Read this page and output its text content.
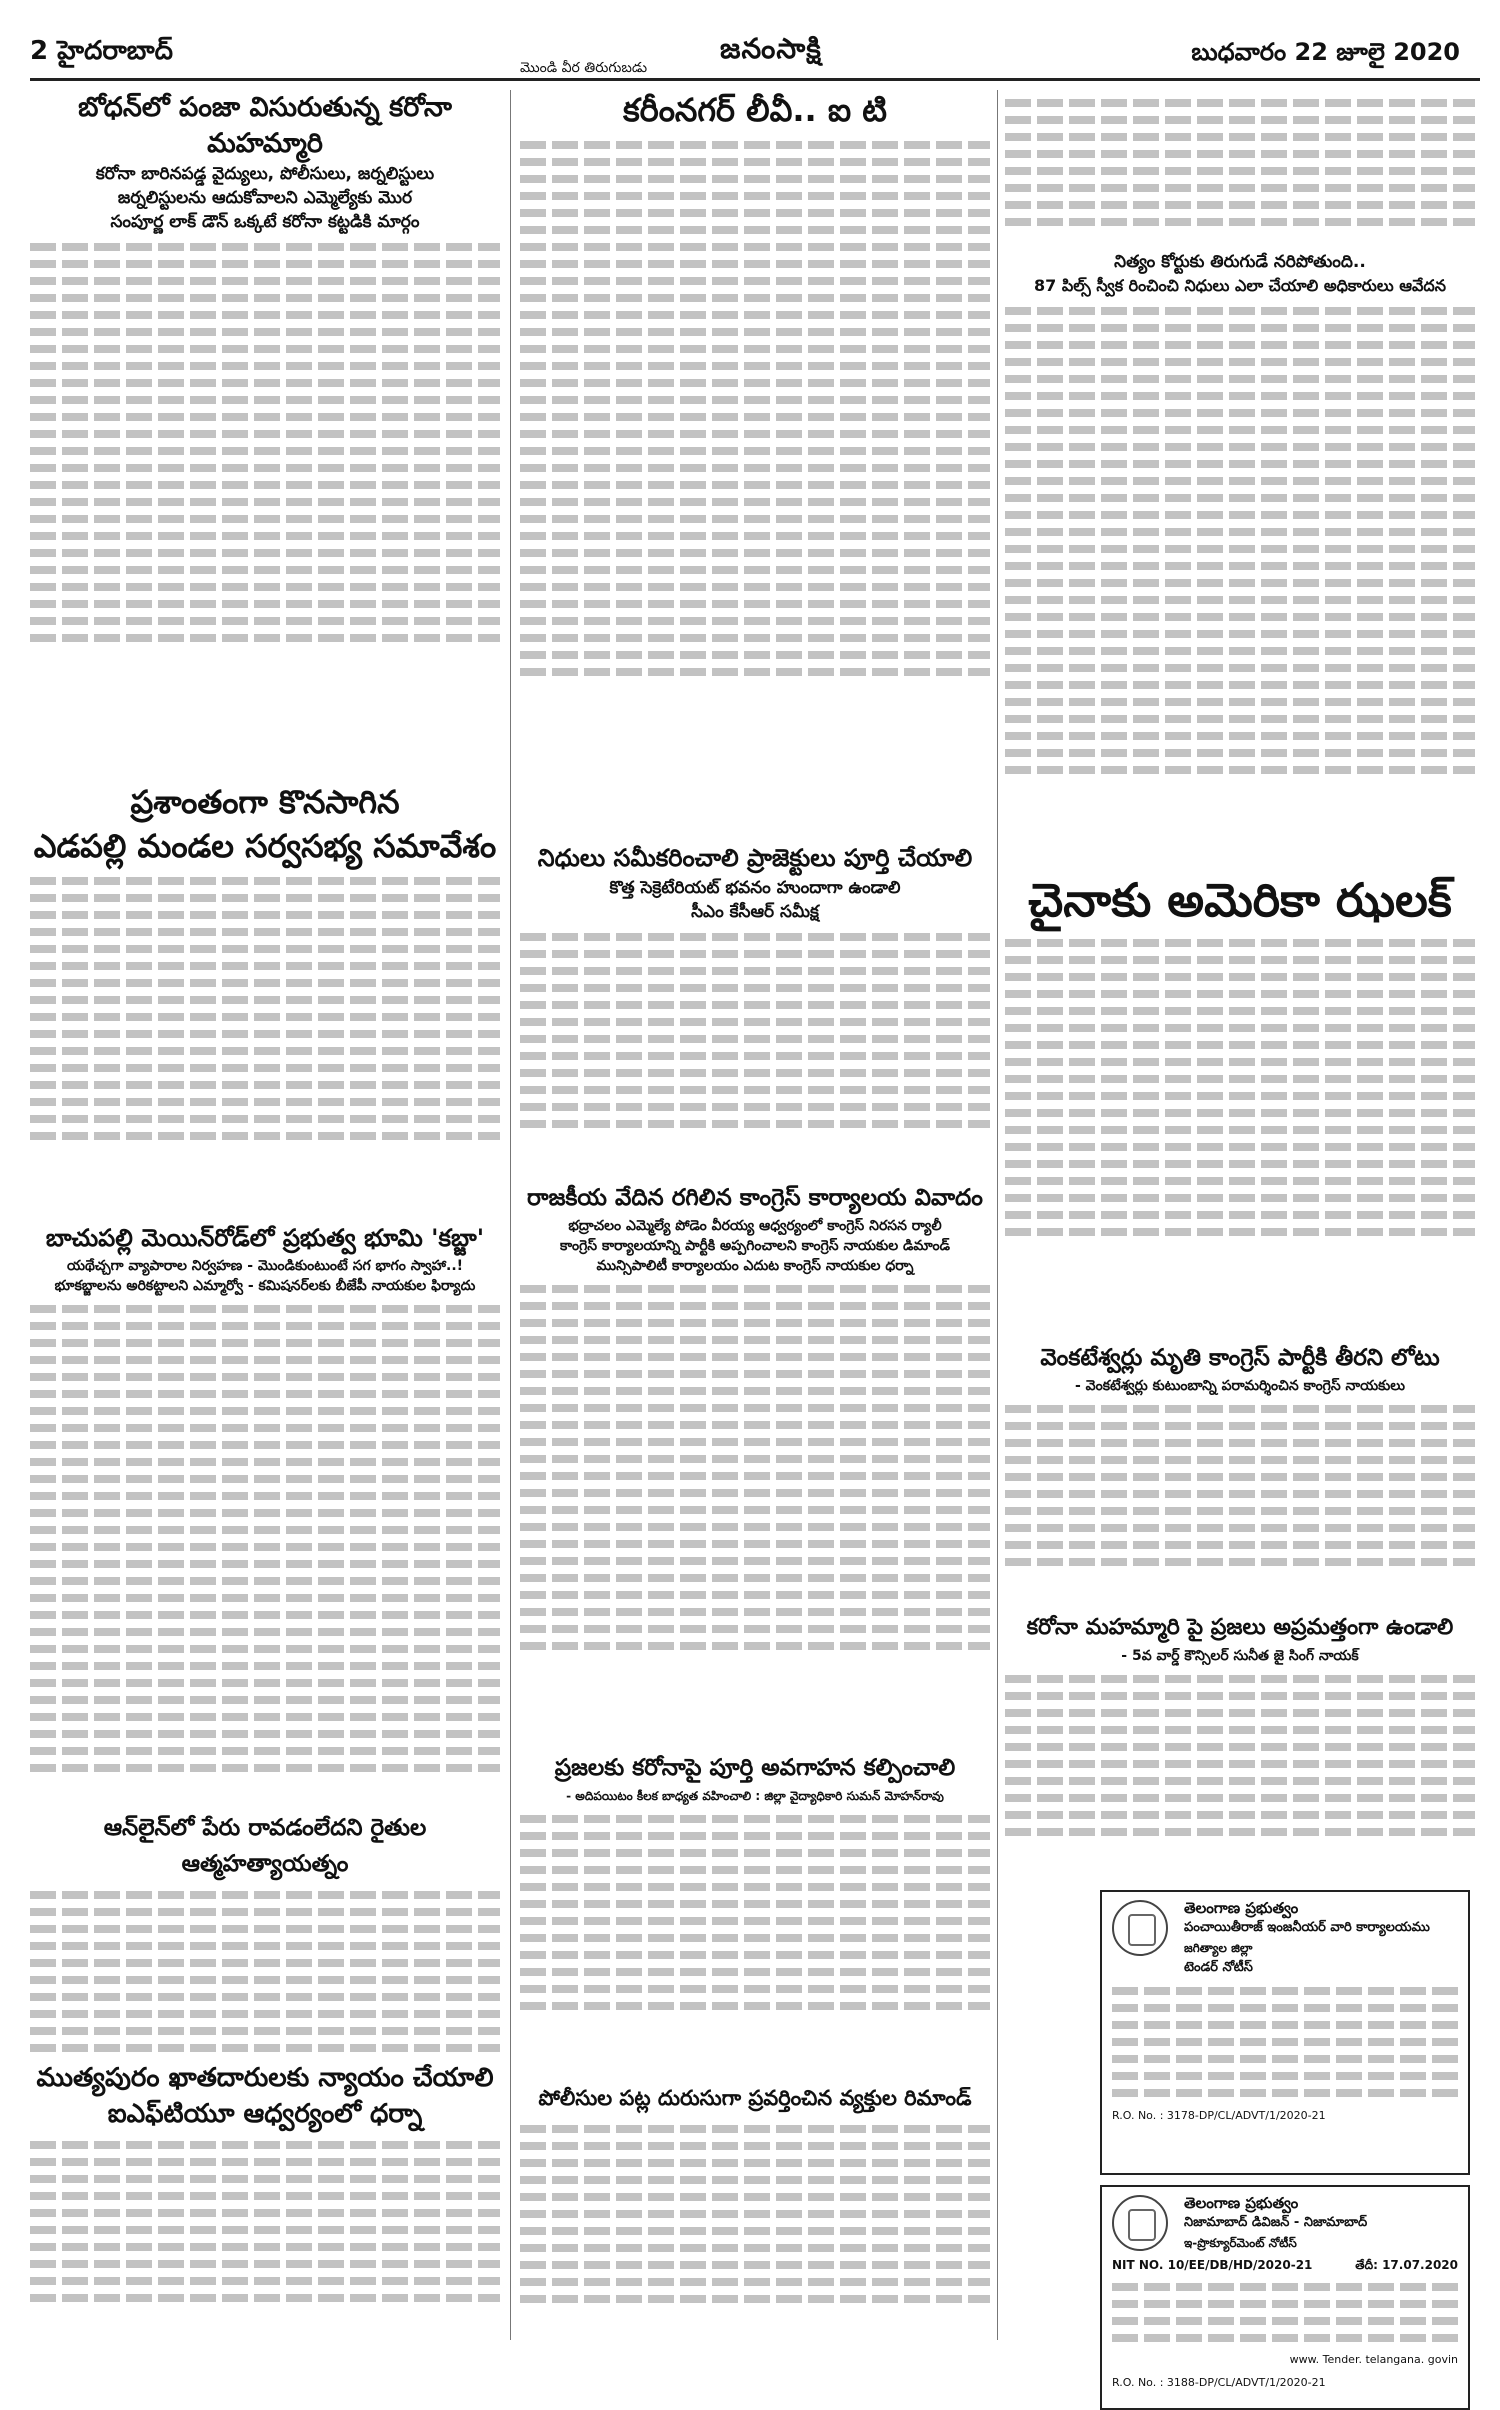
2 హైదరాబాద్	జనంసాక్షి	బుధవారం 22 జూలై 2020
మొండి వీర తిరుగుబడు
బోధన్‌లో పంజా విసురుతున్న కరోనా మహమ్మారి
కరోనా బారినపడ్డ వైద్యులు, పోలీసులు, జర్నలిస్టులు
జర్నలిస్టులను ఆదుకోవాలని ఎమ్మెల్యేకు మొర
సంపూర్ణ లాక్ డౌన్ ఒక్కటే కరోనా కట్టడికి మార్గం
ప్రశాంతంగా కొనసాగిన
ఎడపల్లి మండల సర్వసభ్య సమావేశం
బాచుపల్లి మెయిన్‌రోడ్‌లో ప్రభుత్వ భూమి 'కబ్జా'
యథేచ్చగా వ్యాపారాల నిర్వహణ - మొండికుంటుంటే సగ భాగం స్వాహా..!
భూకబ్జాలను అరికట్టాలని ఎమ్మార్వో - కమిషనర్‌లకు బీజేపీ నాయకుల ఫిర్యాదు
ఆన్‌లైన్‌లో పేరు రావడంలేదని రైతుల ఆత్మహత్యాయత్నం
ముత్యపురం ఖాతదారులకు న్యాయం చేయాలి
ఐఎఫ్‌టియూ ఆధ్వర్యంలో ధర్నా
కరీంనగర్ లీవీ.. ఐ టి
నిధులు సమీకరించాలి ప్రాజెక్టులు పూర్తి చేయాలి
కొత్త సెక్రెటేరియట్ భవనం హుందాగా ఉండాలి
సీఎం కేసీఆర్ సమీక్ష
రాజకీయ వేదిన రగిలిన కాంగ్రెస్ కార్యాలయ వివాదం
భద్రాచలం ఎమ్మెల్యే పోడెం వీరయ్య ఆధ్వర్యంలో కాంగ్రెస్ నిరసన ర్యాలీ
కాంగ్రెస్ కార్యాలయాన్ని పార్టీకి అప్పగించాలని కాంగ్రెస్ నాయకుల డిమాండ్
మున్సిపాలిటీ కార్యాలయం ఎదుట కాంగ్రెస్ నాయకుల ధర్నా
ప్రజలకు కరోనాపై పూర్తి అవగాహన కల్పించాలి
- అదిపయిటం కీలక బాధ్యత వహించాలి : జిల్లా వైద్యాధికారి సుమన్ మోహన్‌రావు
పోలీసుల పట్ల దురుసుగా ప్రవర్తించిన వ్యక్తుల రిమాండ్
నిత్యం కోర్టుకు తిరుగుడే నరిపోతుంది..
87 పిల్స్ స్వీక రించించి నిధులు ఎలా చేయాలి అధికారులు ఆవేదన
చైనాకు అమెరికా ఝలక్
వెంకటేశ్వర్లు మృతి కాంగ్రెస్ పార్టీకి తీరని లోటు
- వెంకటేశ్వర్లు కుటుంబాన్ని పరామర్శించిన కాంగ్రెస్ నాయకులు
కరోనా మహమ్మారి పై ప్రజలు అప్రమత్తంగా ఉండాలి
- 5వ వార్డ్ కౌన్సిలర్ సునీత జై సింగ్ నాయక్
తెలంగాణ ప్రభుత్వం
పంచాయితీరాజ్ ఇంజనీయర్ వారి కార్యాలయము
జగిత్యాల జిల్లా
టెండర్ నోటీస్
R.O. No. : 3178-DP/CL/ADVT/1/2020-21
తెలంగాణ ప్రభుత్వం
నిజామాబాద్ డివిజన్ - నిజామాబాద్
ఇ-ప్రొక్యూర్‌మెంట్ నోటీస్
NIT NO. 10/EE/DB/HD/2020-21	తేదీ: 17.07.2020
www. Tender. telangana. govin
R.O. No. : 3188-DP/CL/ADVT/1/2020-21
